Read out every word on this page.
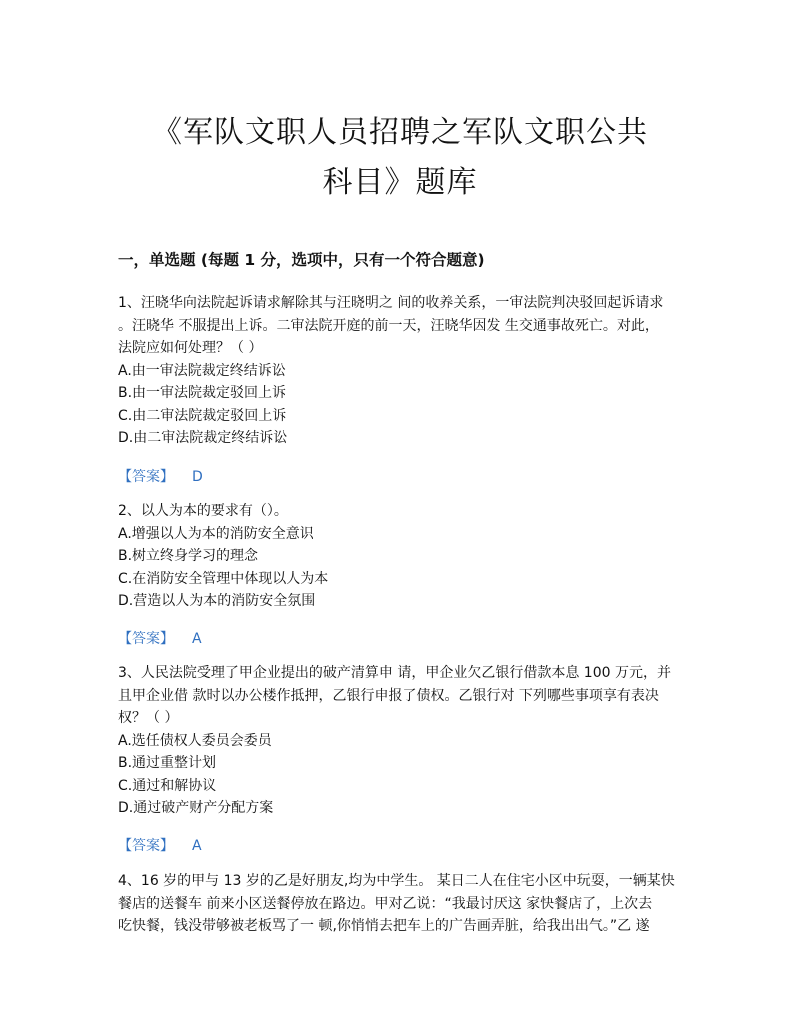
《军队文职人员招聘之军队文职公共
科目》题库
一，单选题 (每题 1 分，选项中，只有一个符合题意)

1、汪晓华向法院起诉请求解除其与汪晓明之 间的收养关系，一审法院判决驳回起诉请求
。汪晓华 不服提出上诉。二审法院开庭的前一天，汪晓华因发 生交通事故死亡。对此，
法院应如何处理？（ ）

A.由一审法院裁定终结诉讼
B.由一审法院裁定驳回上诉
C.由二审法院裁定驳回上诉
D.由二审法院裁定终结诉讼
【答案】 D

2、以人为本的要求有（）。

A.增强以人为本的消防安全意识
B.树立终身学习的理念
C.在消防安全管理中体现以人为本
D.营造以人为本的消防安全氛围
【答案】 A

3、人民法院受理了甲企业提出的破产清算申 请，甲企业欠乙银行借款本息 100 万元，并
且甲企业借 款时以办公楼作抵押，乙银行申报了债权。乙银行对 下列哪些事项享有表决
权？（ ）

A.选任债权人委员会委员
B.通过重整计划
C.通过和解协议
D.通过破产财产分配方案
【答案】 A

4、16 岁的甲与 13 岁的乙是好朋友,均为中学生。 某日二人在住宅小区中玩耍，一辆某快
餐店的送餐车 前来小区送餐停放在路边。甲对乙说：“我最讨厌这 家快餐店了，上次去
吃快餐，钱没带够被老板骂了一 顿,你悄悄去把车上的广告画弄脏，给我出出气。”乙 遂
